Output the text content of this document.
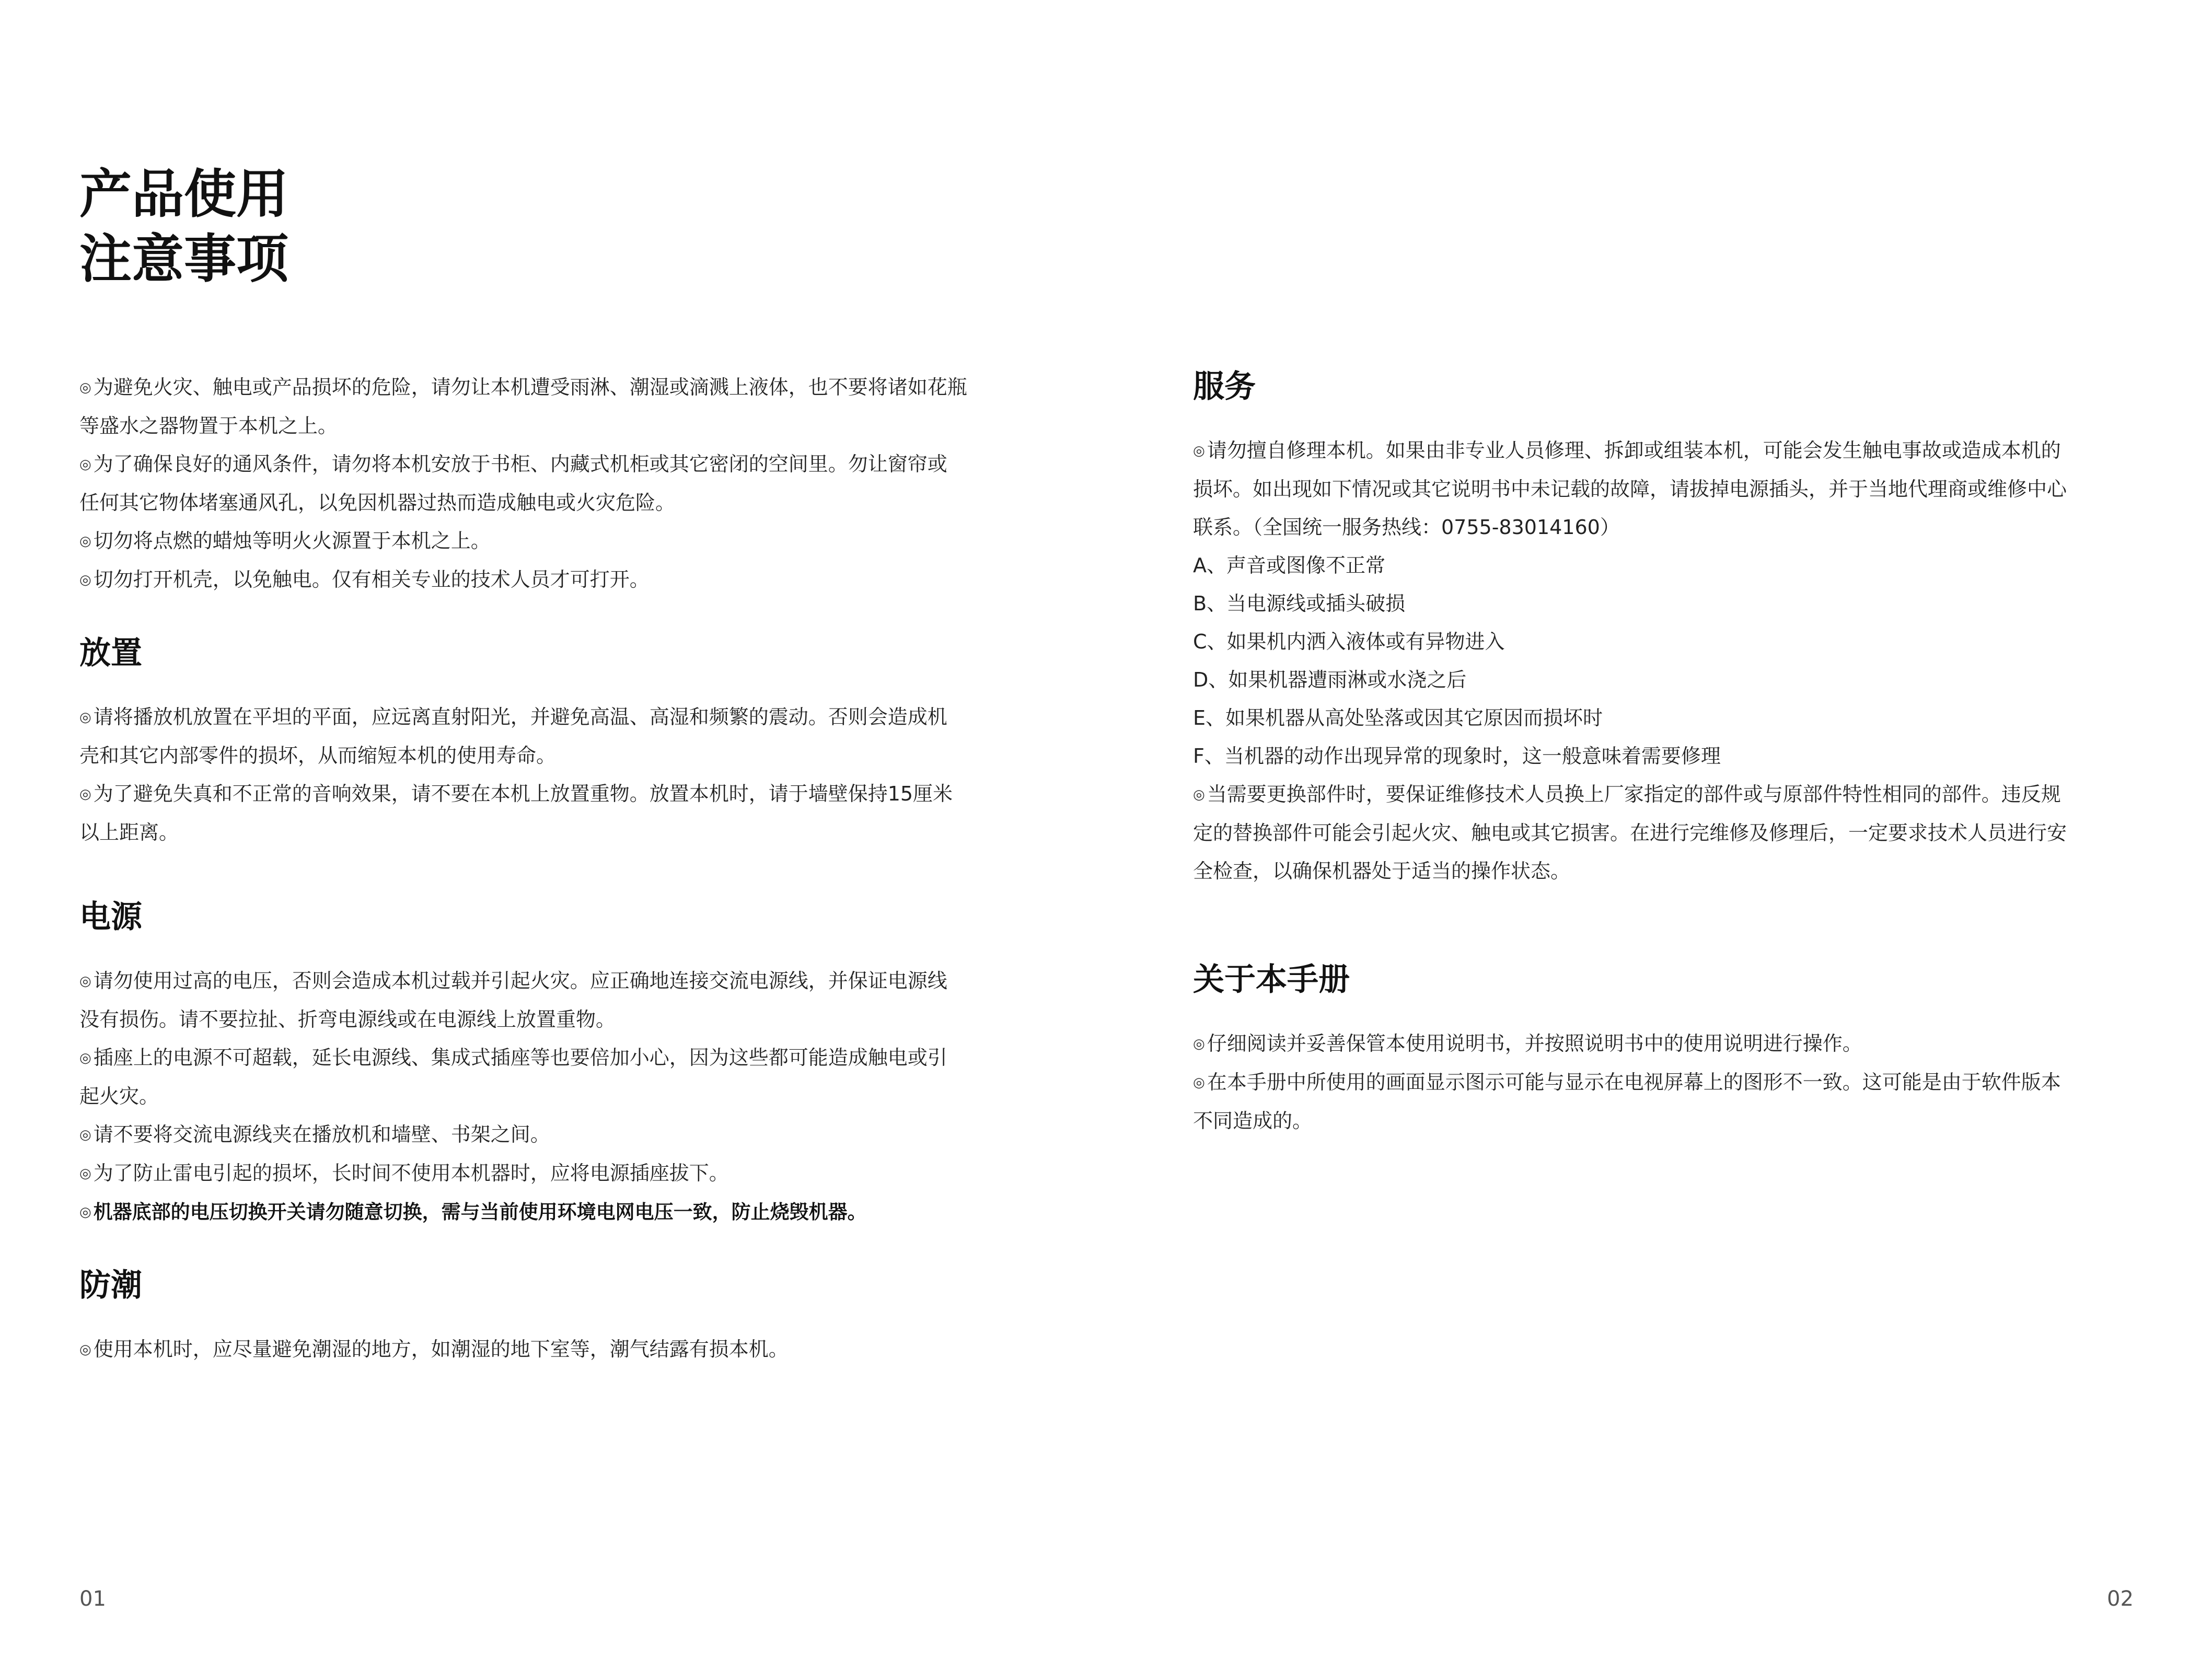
产品使用
注意事项

◎ 为避免火灾、触电或产品损坏的危险，请勿让本机遭受雨淋、潮湿或滴溅上液体，也不要将诸如花瓶
等盛水之器物置于本机之上。

◎ 为了确保良好的通风条件，请勿将本机安放于书柜、内藏式机柜或其它密闭的空间里。勿让窗帘或
任何其它物体堵塞通风孔，以免因机器过热而造成触电或火灾危险。

◎ 切勿将点燃的蜡烛等明火火源置于本机之上。

◎ 切勿打开机壳，以免触电。仅有相关专业的技术人员才可打开。

放置

◎ 请将播放机放置在平坦的平面，应远离直射阳光，并避免高温、高湿和频繁的震动。否则会造成机
壳和其它内部零件的损坏，从而缩短本机的使用寿命。

◎ 为了避免失真和不正常的音响效果，请不要在本机上放置重物。放置本机时，请于墙壁保持15厘米
以上距离。

电源

◎ 请勿使用过高的电压，否则会造成本机过载并引起火灾。应正确地连接交流电源线，并保证电源线
没有损伤。请不要拉扯、折弯电源线或在电源线上放置重物。

◎ 插座上的电源不可超载，延长电源线、集成式插座等也要倍加小心，因为这些都可能造成触电或引
起火灾。

◎ 请不要将交流电源线夹在播放机和墙壁、书架之间。

◎ 为了防止雷电引起的损坏，长时间不使用本机器时，应将电源插座拔下。

◎ 机器底部的电压切换开关请勿随意切换，需与当前使用环境电网电压一致，防止烧毁机器。

防潮

◎ 使用本机时，应尽量避免潮湿的地方，如潮湿的地下室等，潮气结露有损本机。

服务

◎ 请勿擅自修理本机。如果由非专业人员修理、拆卸或组装本机，可能会发生触电事故或造成本机的
损坏。如出现如下情况或其它说明书中未记载的故障，请拔掉电源插头，并于当地代理商或维修中心
联系。（全国统一服务热线：0755-83014160）

A、声音或图像不正常

B、当电源线或插头破损

C、如果机内洒入液体或有异物进入

D、如果机器遭雨淋或水浇之后

E、如果机器从高处坠落或因其它原因而损坏时

F、当机器的动作出现异常的现象时，这一般意味着需要修理

◎ 当需要更换部件时，要保证维修技术人员换上厂家指定的部件或与原部件特性相同的部件。违反规
定的替换部件可能会引起火灾、触电或其它损害。在进行完维修及修理后，一定要求技术人员进行安
全检查，以确保机器处于适当的操作状态。

关于本手册

◎ 仔细阅读并妥善保管本使用说明书，并按照说明书中的使用说明进行操作。

◎ 在本手册中所使用的画面显示图示可能与显示在电视屏幕上的图形不一致。这可能是由于软件版本
不同造成的。

01	02
